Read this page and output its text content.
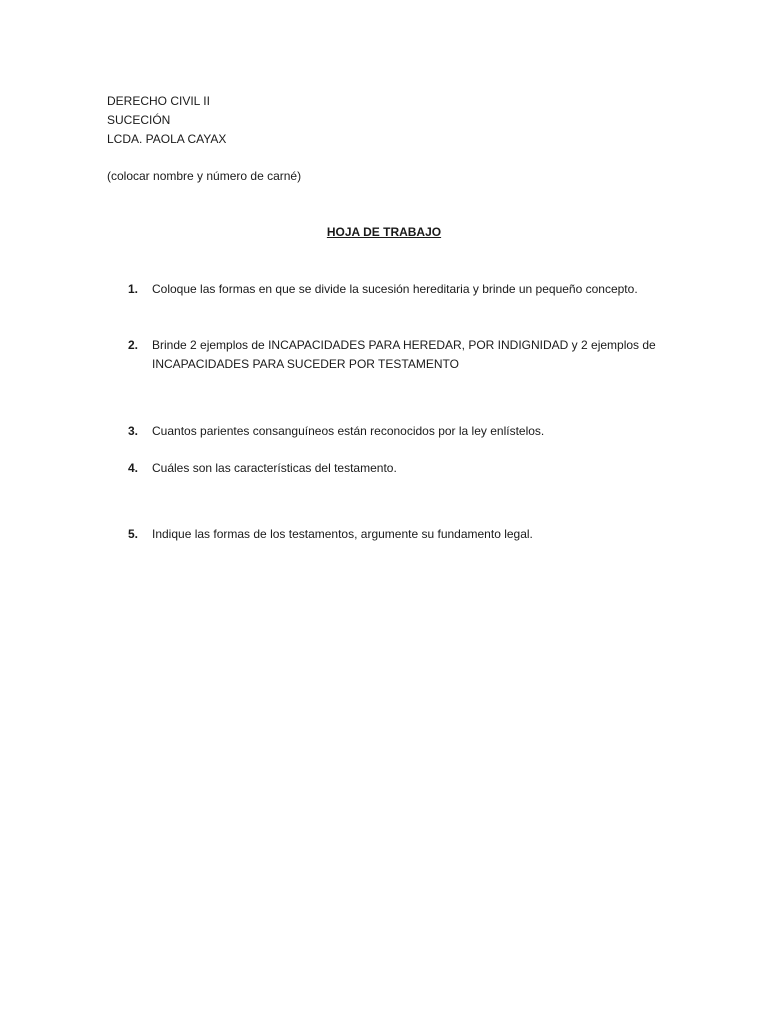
DERECHO CIVIL II
SUCECIÓN
LCDA. PAOLA CAYAX
(colocar nombre y número de carné)
HOJA DE TRABAJO
1.	Coloque las formas en que se divide la sucesión hereditaria y brinde un pequeño concepto.
2.	Brinde 2 ejemplos de INCAPACIDADES PARA HEREDAR, POR INDIGNIDAD y 2 ejemplos de INCAPACIDADES PARA SUCEDER POR TESTAMENTO
3.	Cuantos parientes consanguíneos están reconocidos por la ley enlístelos.
4.	Cuáles son las características del testamento.
5.	Indique las formas de los testamentos, argumente su fundamento legal.
